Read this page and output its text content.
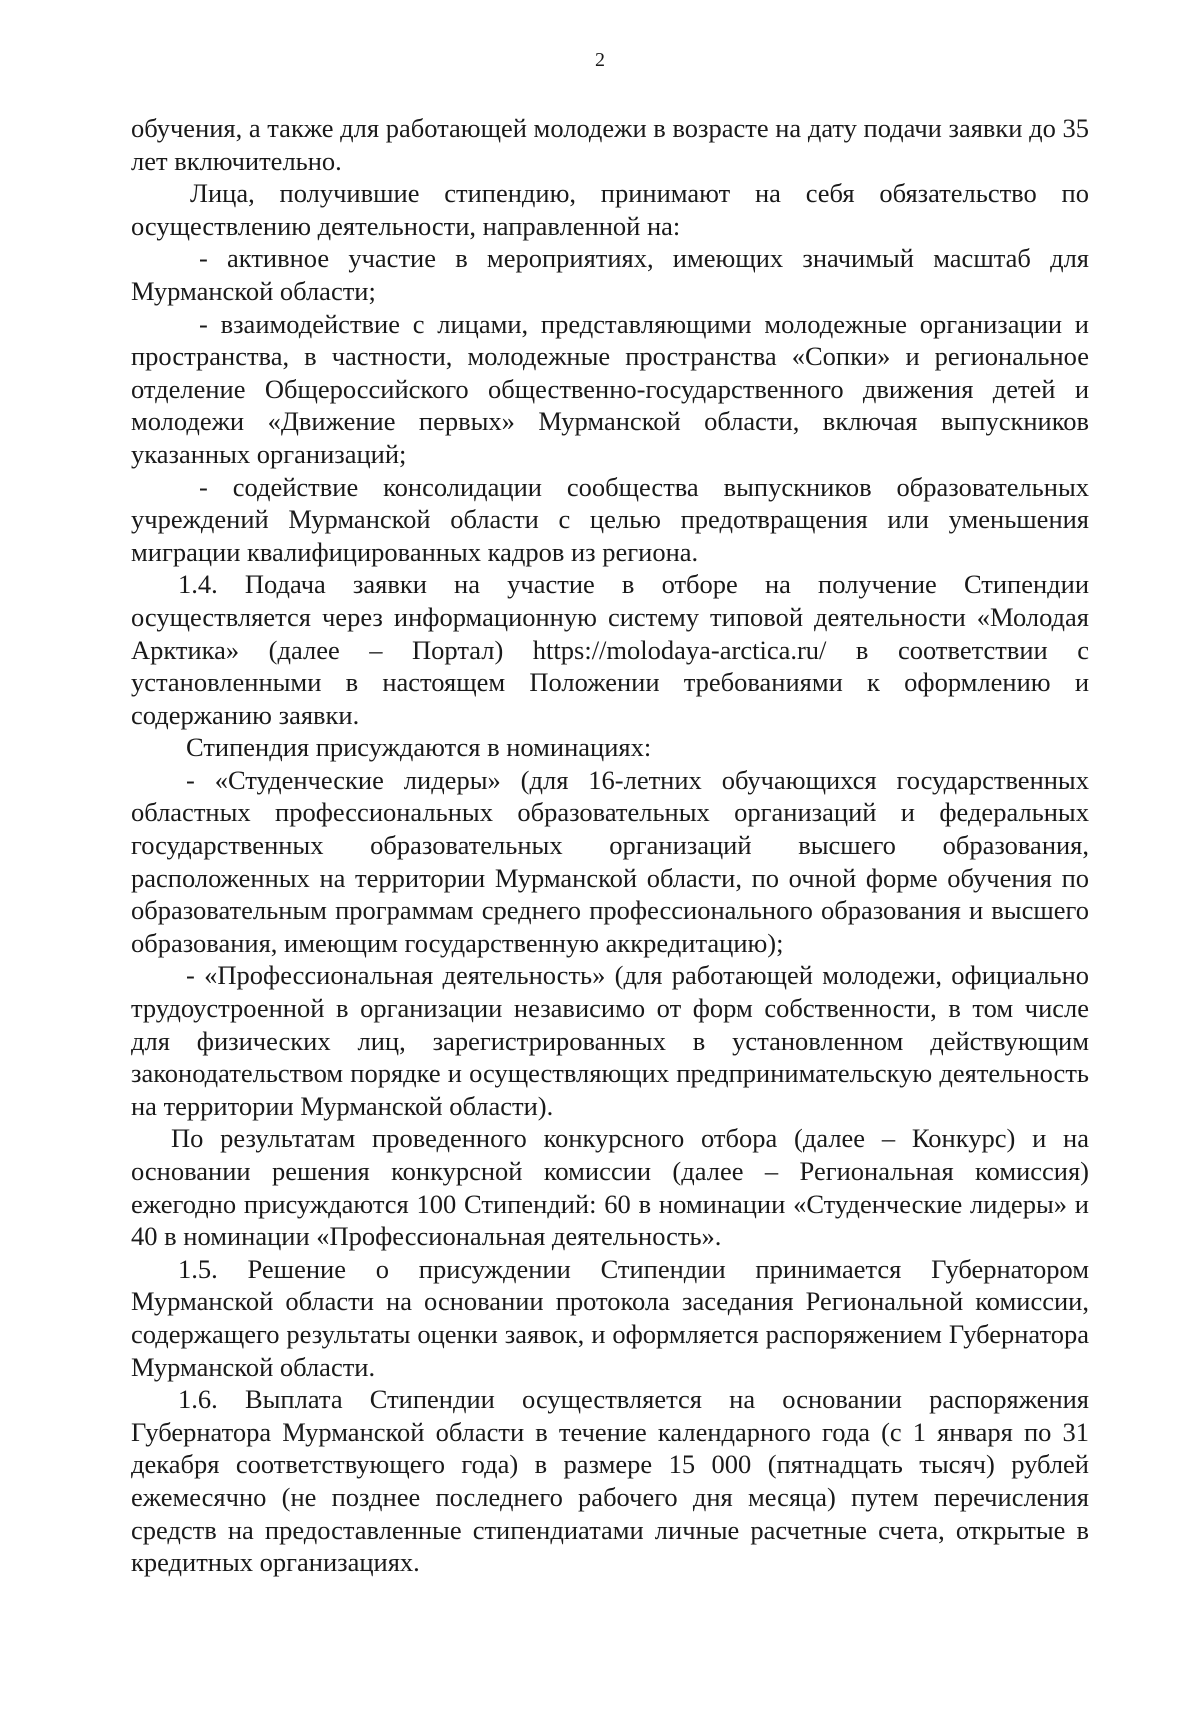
2

обучения, а также для работающей молодежи в возрасте на дату подачи заявки до 35 лет включительно.

Лица, получившие стипендию, принимают на себя обязательство по осуществлению деятельности, направленной на:

- активное участие в мероприятиях, имеющих значимый масштаб для Мурманской области;

- взаимодействие с лицами, представляющими молодежные организации и пространства, в частности, молодежные пространства «Сопки» и региональное отделение Общероссийского общественно-государственного движения детей и молодежи «Движение первых» Мурманской области, включая выпускников указанных организаций;

- содействие консолидации сообщества выпускников образовательных учреждений Мурманской области с целью предотвращения или уменьшения миграции квалифицированных кадров из региона.

1.4. Подача заявки на участие в отборе на получение Стипендии осуществляется через информационную систему типовой деятельности «Молодая Арктика» (далее – Портал) https://molodaya-arctica.ru/ в соответствии с установленными в настоящем Положении требованиями к оформлению и содержанию заявки.

Стипендия присуждаются в номинациях:

- «Студенческие лидеры» (для 16-летних обучающихся государственных областных профессиональных образовательных организаций и федеральных государственных образовательных организаций высшего образования, расположенных на территории Мурманской области, по очной форме обучения по образовательным программам среднего профессионального образования и высшего образования, имеющим государственную аккредитацию);

- «Профессиональная деятельность» (для работающей молодежи, официально трудоустроенной в организации независимо от форм собственности, в том числе для физических лиц, зарегистрированных в установленном действующим законодательством порядке и осуществляющих предпринимательскую деятельность на территории Мурманской области).

По результатам проведенного конкурсного отбора (далее – Конкурс) и на основании решения конкурсной комиссии (далее – Региональная комиссия) ежегодно присуждаются 100 Стипендий: 60 в номинации «Студенческие лидеры» и 40 в номинации «Профессиональная деятельность».

1.5. Решение о присуждении Стипендии принимается Губернатором Мурманской области на основании протокола заседания Региональной комиссии, содержащего результаты оценки заявок, и оформляется распоряжением Губернатора Мурманской области.

1.6. Выплата Стипендии осуществляется на основании распоряжения Губернатора Мурманской области в течение календарного года (с 1 января по 31 декабря соответствующего года) в размере 15 000 (пятнадцать тысяч) рублей ежемесячно (не позднее последнего рабочего дня месяца) путем перечисления средств на предоставленные стипендиатами личные расчетные счета, открытые в кредитных организациях.
